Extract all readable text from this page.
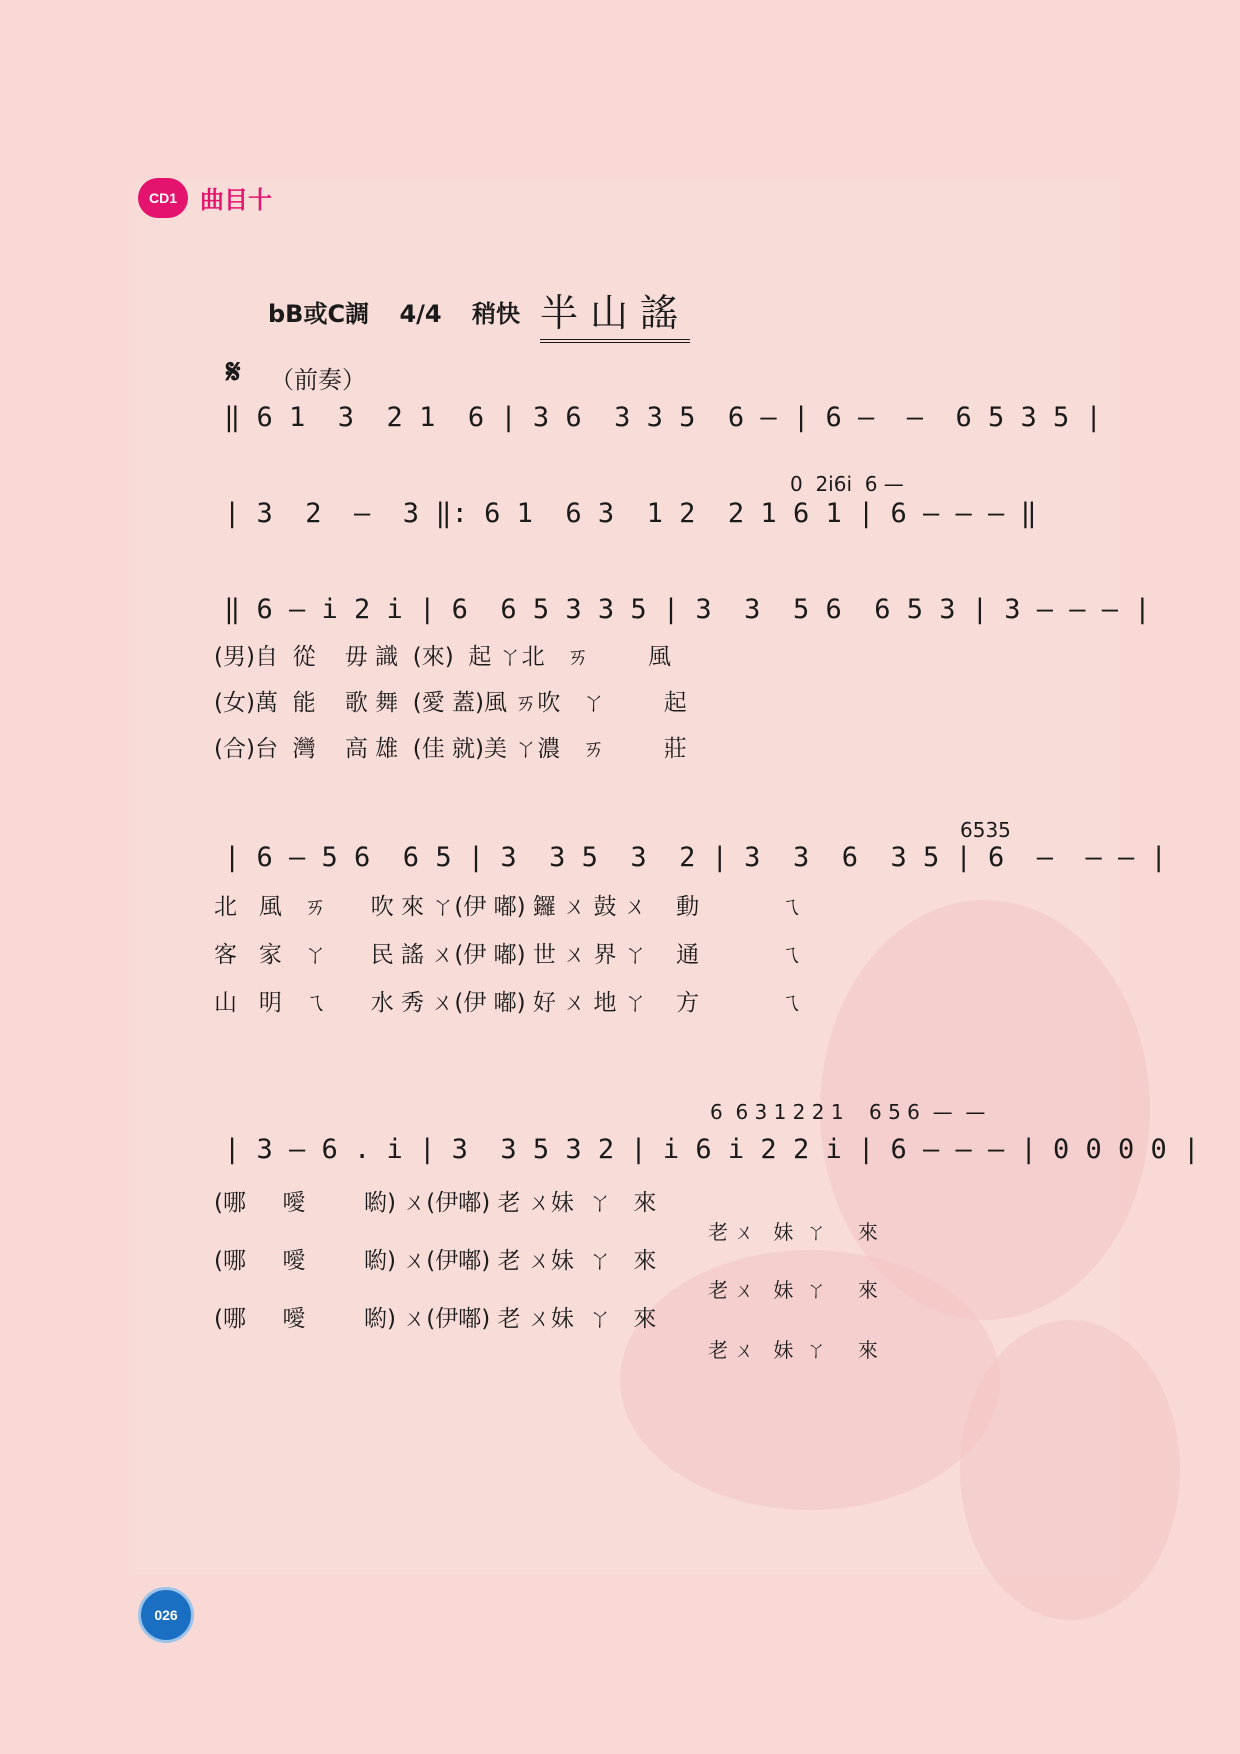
CD1 曲目十
bB或C調 4/4 稍快 半山謠
𝄋 （前奏）
‖ 6 1  3  2 1  6 | 3 6  3 3 5  6 — | 6 —  —  6 5 3 5 |
0  2i6i  6 —
| 3  2  —  3 ‖: 6 1  6 3  1 2  2 1 6 1 | 6 — — — ‖
‖ 6 — i 2 i | 6  6 5 3 3 5 | 3  3  5 6  6 5 3 | 3 — — — |
(男)自  從    毋 識  (來)  起 ㄚ北   ㄞ        風
(女)萬  能    歌 舞  (愛 蓋)風 ㄞ吹   ㄚ        起
(合)台  灣    高 雄  (佳 就)美 ㄚ濃   ㄞ        莊
6535
| 6 — 5 6  6 5 | 3  3 5  3  2 | 3  3  6  3 5 | 6  —  — — |
北   風   ㄞ      吹 來 ㄚ(伊 嘟) 鑼 ㄨ 鼓 ㄨ    動           ㄟ
客   家   ㄚ      民 謠 ㄨ(伊 嘟) 世 ㄨ 界 ㄚ    通           ㄟ
山   明   ㄟ      水 秀 ㄨ(伊 嘟) 好 ㄨ 地 ㄚ    方           ㄟ
6  6 3 1 2 2 1    6 5 6  —  —
| 3 — 6 . i | 3  3 5 3 2 | i 6 i 2 2 i | 6 — — — | 0 0 0 0 |
(哪     噯        喲) ㄨ(伊嘟) 老 ㄨ妹  ㄚ   來
老 ㄨ   妹  ㄚ     來
(哪     噯        喲) ㄨ(伊嘟) 老 ㄨ妹  ㄚ   來
老 ㄨ   妹  ㄚ     來
(哪     噯        喲) ㄨ(伊嘟) 老 ㄨ妹  ㄚ   來
老 ㄨ   妹  ㄚ     來
026
